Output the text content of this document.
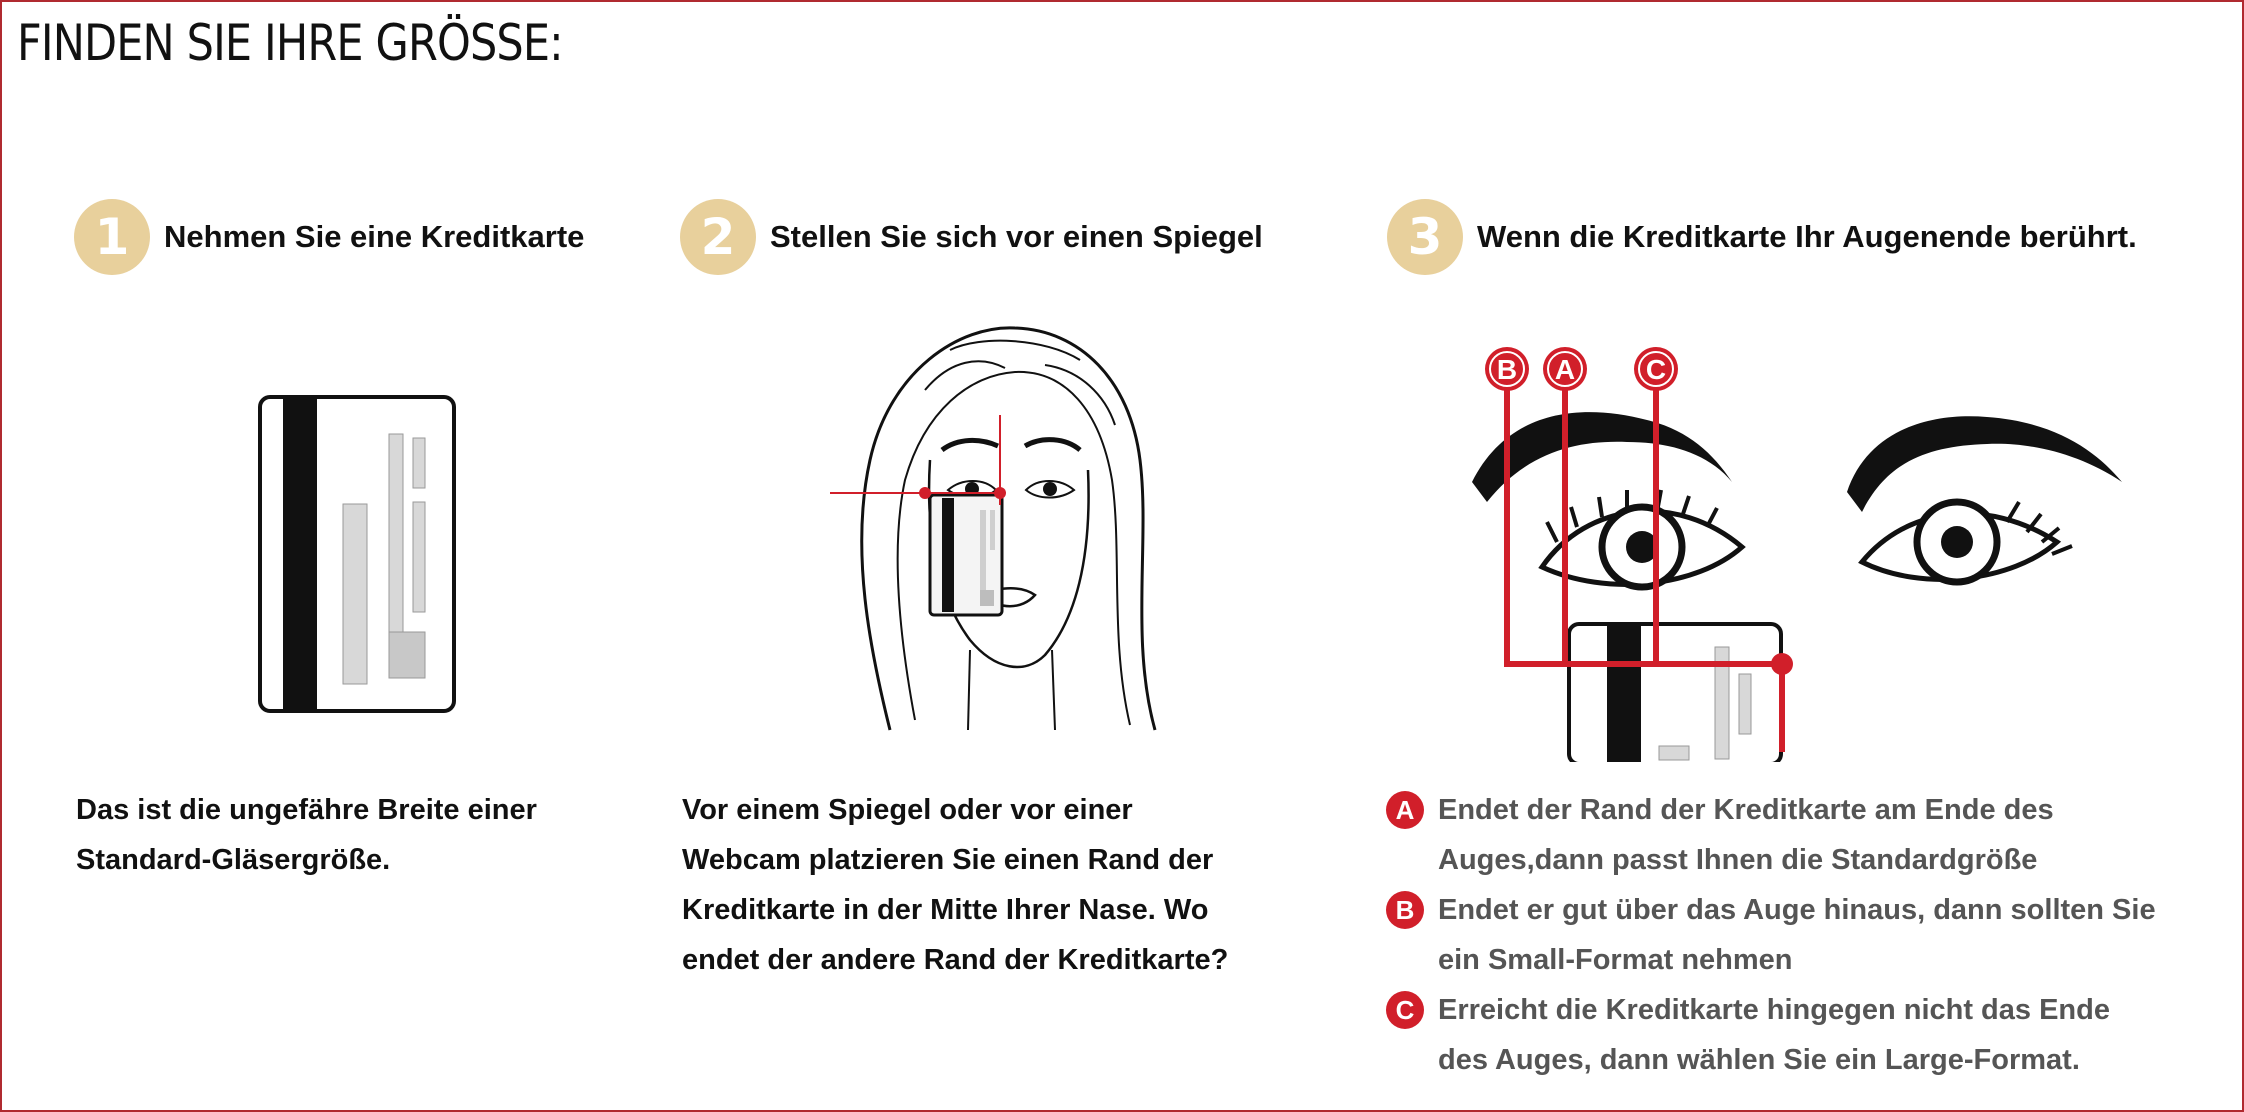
FINDEN SIE IHRE GRÖSSE:
1	Nehmen Sie eine Kreditkarte	2	Stellen Sie sich vor einen Spiegel	3	Wenn die Kreditkarte Ihr Augenende berührt.
B A	C
Das ist die ungefähre Breite einer
Standard-Gläsergröße.
Vor einem Spiegel oder vor einer
Webcam platzieren Sie einen Rand der
Kreditkarte in der Mitte Ihrer Nase. Wo
endet der andere Rand der Kreditkarte?
A Endet der Rand der Kreditkarte am Ende des
Auges,dann passt Ihnen die Standardgröße
B Endet er gut über das Auge hinaus, dann sollten Sie
ein Small-Format nehmen
C Erreicht die Kreditkarte hingegen nicht das Ende
des Auges, dann wählen Sie ein Large-Format.
